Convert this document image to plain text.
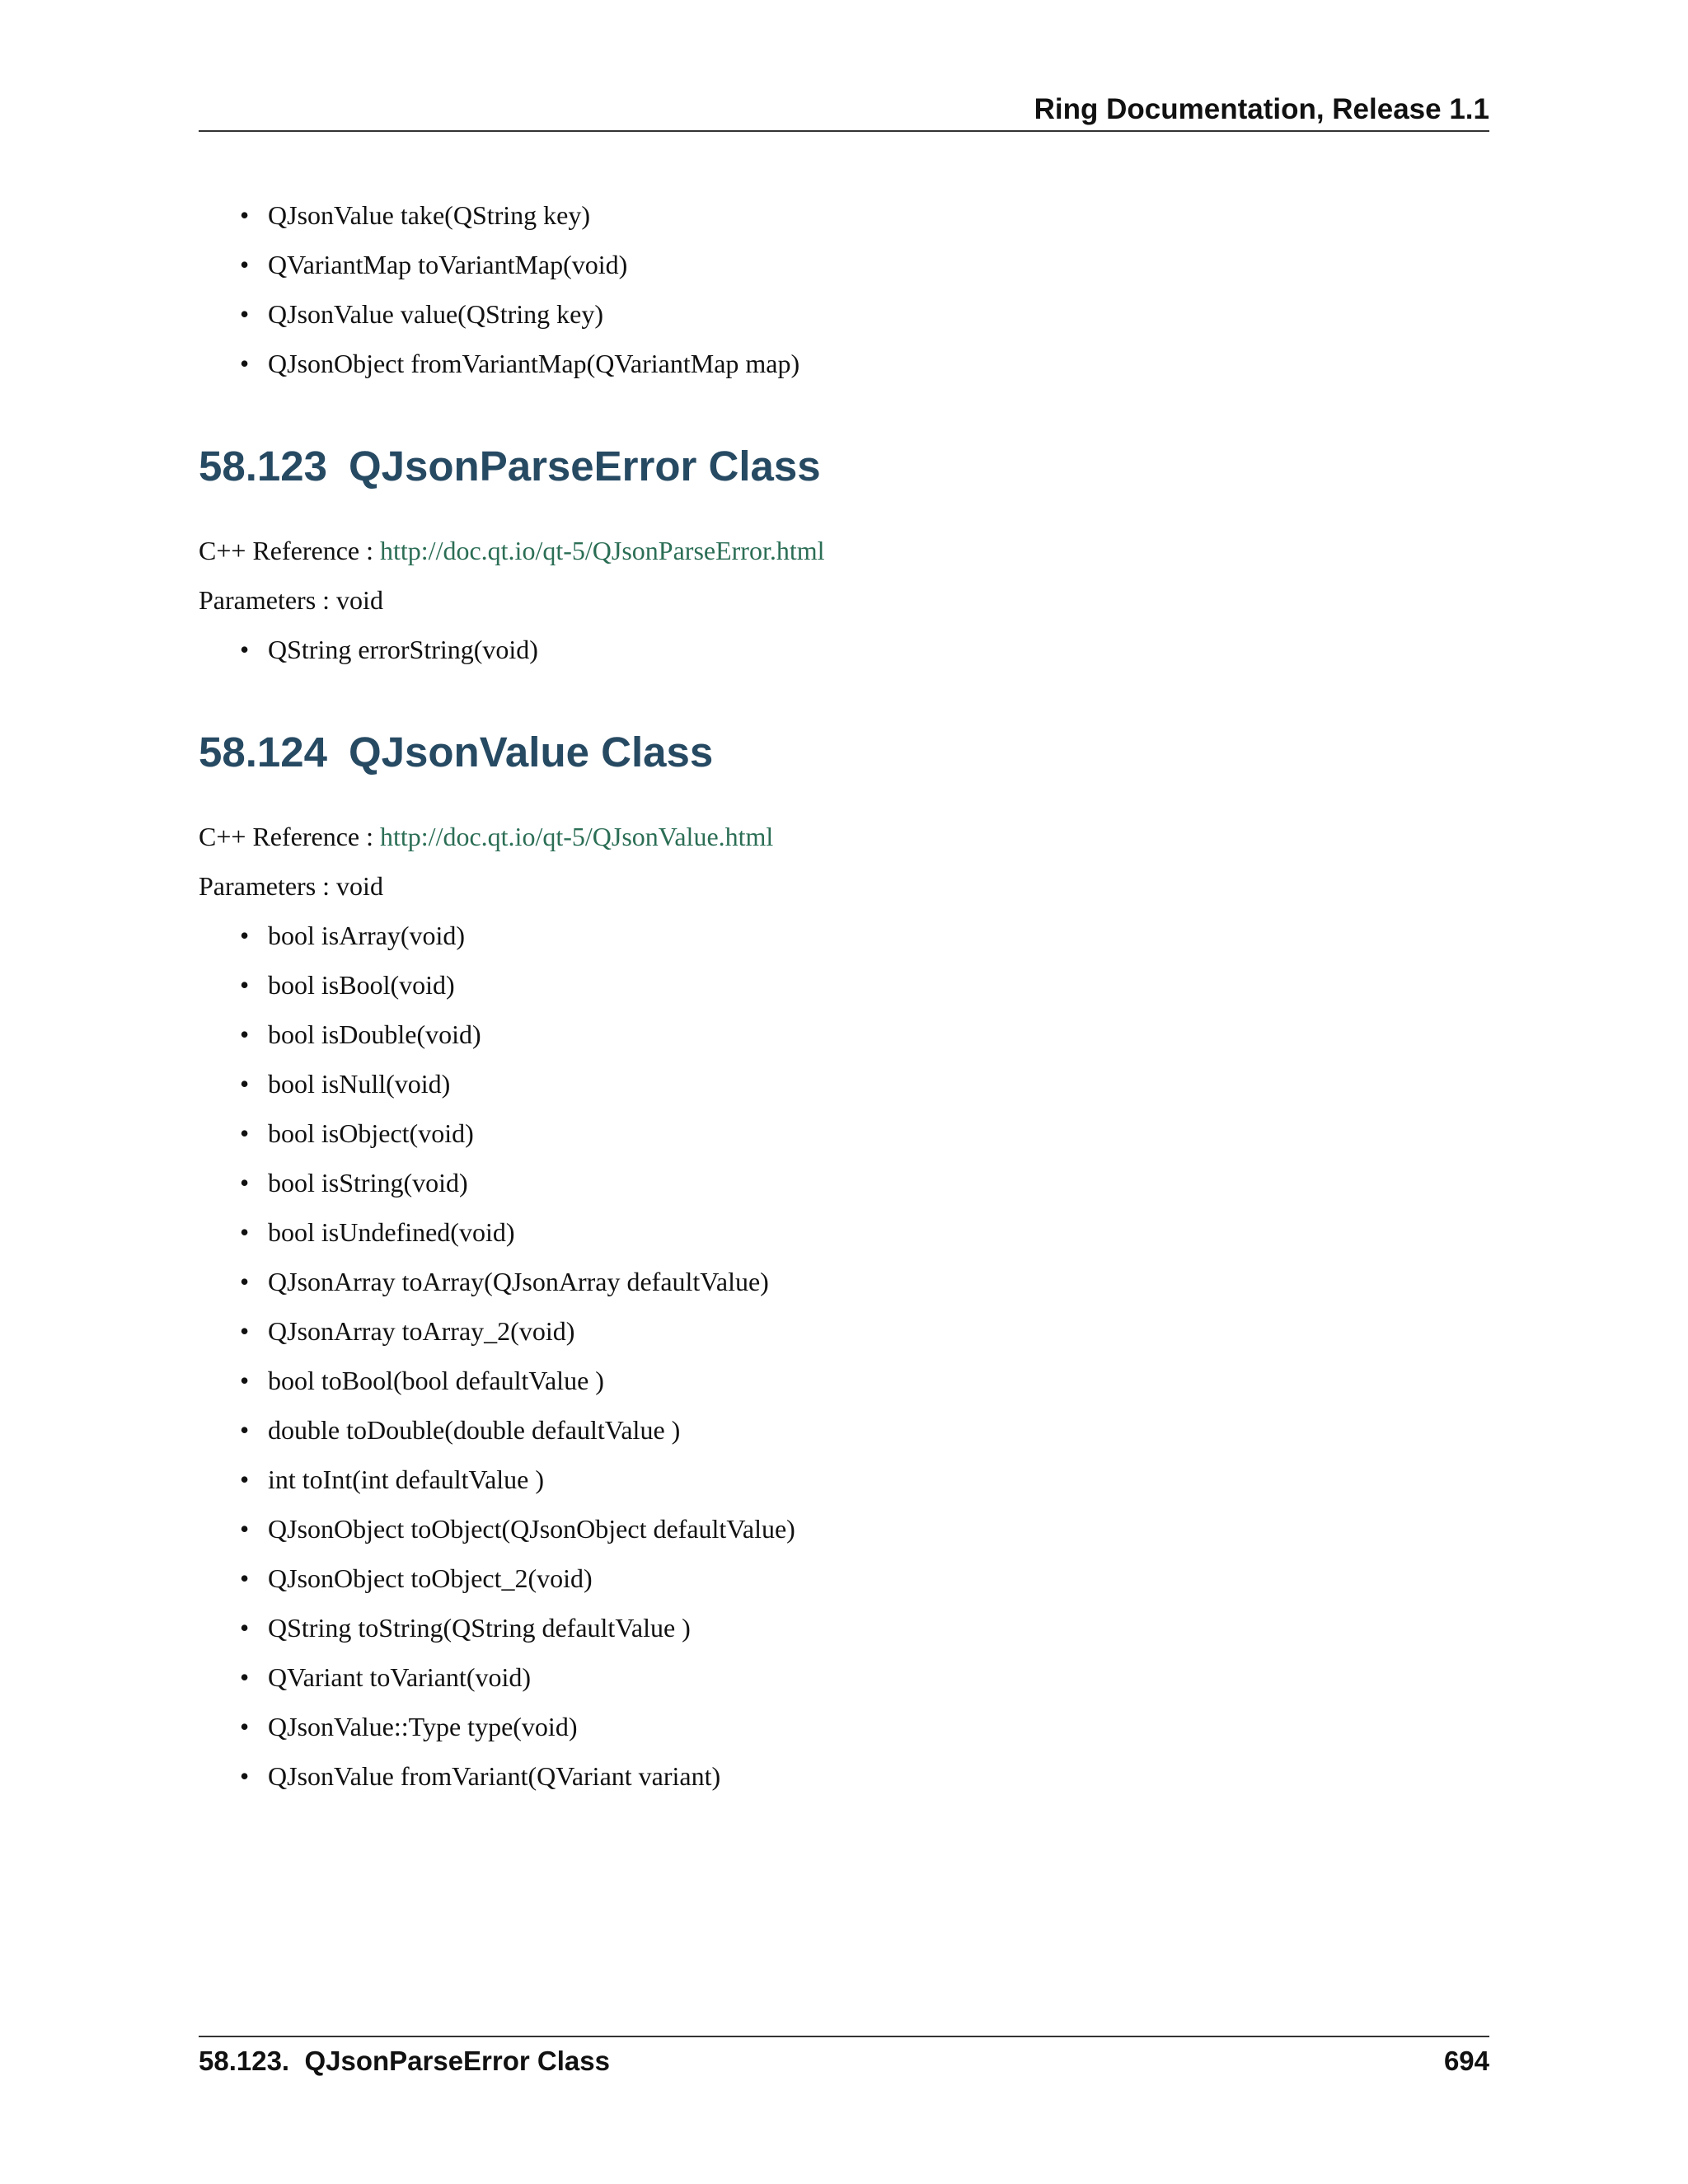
Ring Documentation, Release 1.1
• QJsonValue take(QString key)
• QVariantMap toVariantMap(void)
• QJsonValue value(QString key)
• QJsonObject fromVariantMap(QVariantMap map)
58.123 QJsonParseError Class
C++ Reference : http://doc.qt.io/qt-5/QJsonParseError.html
Parameters : void
• QString errorString(void)
58.124 QJsonValue Class
C++ Reference : http://doc.qt.io/qt-5/QJsonValue.html
Parameters : void
• bool isArray(void)
• bool isBool(void)
• bool isDouble(void)
• bool isNull(void)
• bool isObject(void)
• bool isString(void)
• bool isUndefined(void)
• QJsonArray toArray(QJsonArray defaultValue)
• QJsonArray toArray_2(void)
• bool toBool(bool defaultValue )
• double toDouble(double defaultValue )
• int toInt(int defaultValue )
• QJsonObject toObject(QJsonObject defaultValue)
• QJsonObject toObject_2(void)
• QString toString(QString defaultValue )
• QVariant toVariant(void)
• QJsonValue::Type type(void)
• QJsonValue fromVariant(QVariant variant)
58.123.  QJsonParseError Class	694
